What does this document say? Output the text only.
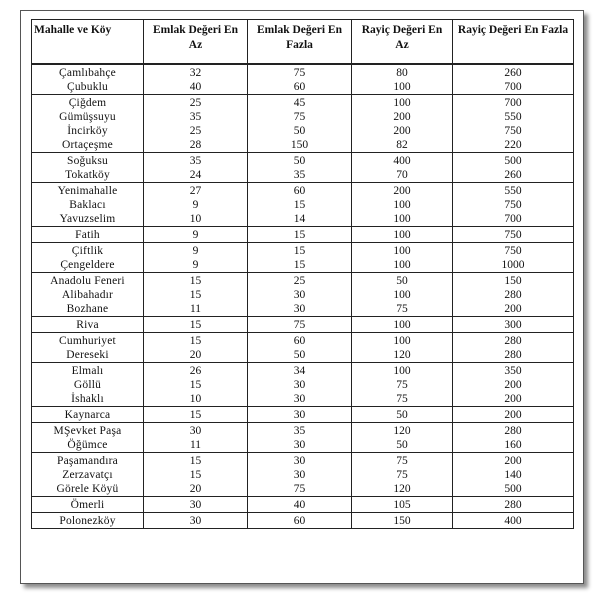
Mahalle ve Köy	Emlak Değeri En Az	Emlak Değeri En Fazla	Rayiç Değeri En Az	Rayiç Değeri En Fazla
Çamlıbahçe	32	75	80	260
Çubuklu	40	60	100	700
Çiğdem	25	45	100	700
Gümüşsuyu	35	75	200	550
İncirköy	25	50	200	750
Ortaçeşme	28	150	82	220
Soğuksu	35	50	400	500
Tokatköy	24	35	70	260
Yenimahalle	27	60	200	550
Baklacı	9	15	100	750
Yavuzselim	10	14	100	700
Fatih	9	15	100	750
Çiftlik	9	15	100	750
Çengeldere	9	15	100	1000
Anadolu Feneri	15	25	50	150
Alibahadır	15	30	100	280
Bozhane	11	30	75	200
Riva	15	75	100	300
Cumhuriyet	15	60	100	280
Dereseki	20	50	120	280
Elmalı	26	34	100	350
Göllü	15	30	75	200
İshaklı	10	30	75	200
Kaynarca	15	30	50	200
MŞevket Paşa	30	35	120	280
Öğümce	11	30	50	160
Paşamandıra	15	30	75	200
Zerzavatçı	15	30	75	140
Görele Köyü	20	75	120	500
Ömerli	30	40	105	280
Polonezköy	30	60	150	400
